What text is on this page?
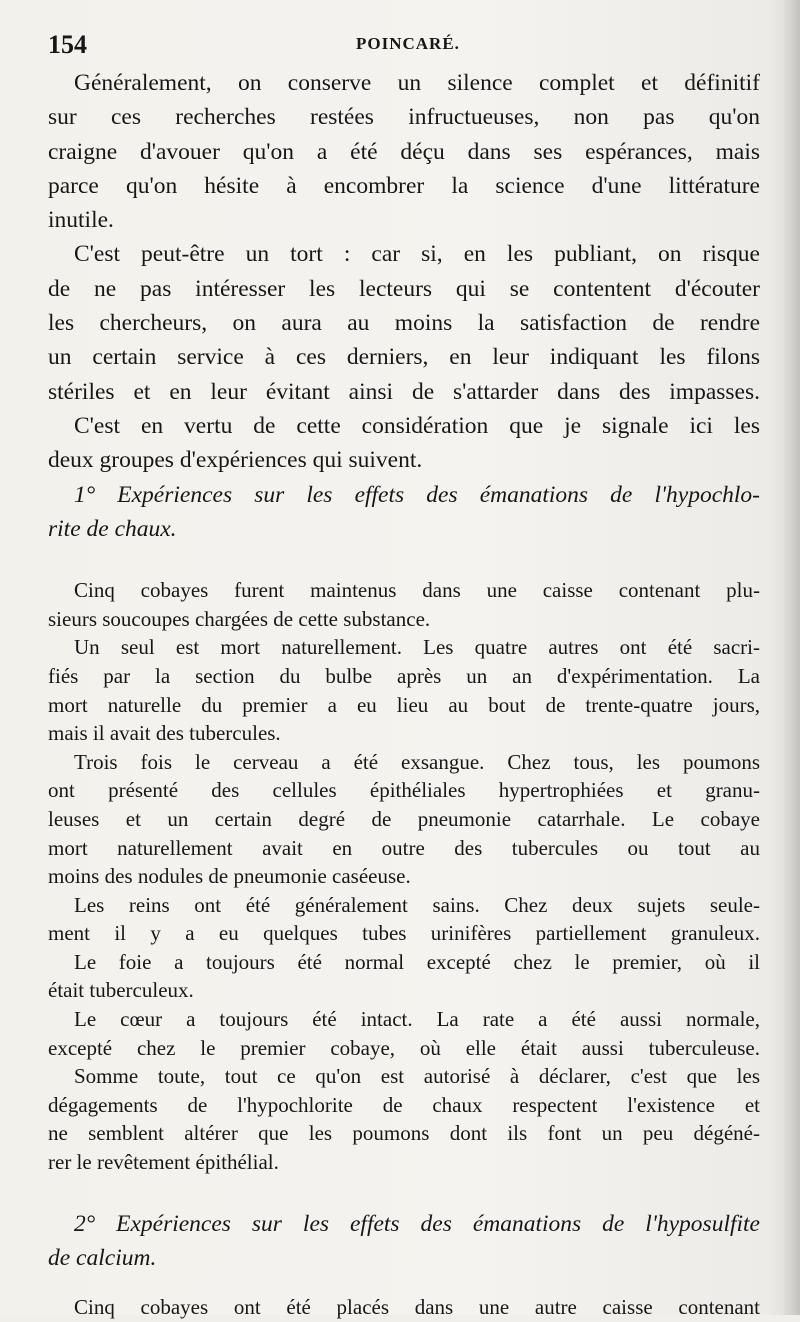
154	POINCARÉ.
Généralement, on conserve un silence complet et définitif
sur ces recherches restées infructueuses, non pas qu'on
craigne d'avouer qu'on a été déçu dans ses espérances, mais
parce qu'on hésite à encombrer la science d'une littérature
inutile.
C'est peut-être un tort : car si, en les publiant, on risque
de ne pas intéresser les lecteurs qui se contentent d'écouter
les chercheurs, on aura au moins la satisfaction de rendre
un certain service à ces derniers, en leur indiquant les filons
stériles et en leur évitant ainsi de s'attarder dans des impasses.
C'est en vertu de cette considération que je signale ici les
deux groupes d'expériences qui suivent.
1° Expériences sur les effets des émanations de l'hypochlo-
rite de chaux.
Cinq cobayes furent maintenus dans une caisse contenant plu-
sieurs soucoupes chargées de cette substance.
Un seul est mort naturellement. Les quatre autres ont été sacri-
fiés par la section du bulbe après un an d'expérimentation. La
mort naturelle du premier a eu lieu au bout de trente-quatre jours,
mais il avait des tubercules.
Trois fois le cerveau a été exsangue. Chez tous, les poumons
ont présenté des cellules épithéliales hypertrophiées et granu-
leuses et un certain degré de pneumonie catarrhale. Le cobaye
mort naturellement avait en outre des tubercules ou tout au
moins des nodules de pneumonie caséeuse.
Les reins ont été généralement sains. Chez deux sujets seule-
ment il y a eu quelques tubes urinifères partiellement granuleux.
Le foie a toujours été normal excepté chez le premier, où il
était tuberculeux.
Le cœur a toujours été intact. La rate a été aussi normale,
excepté chez le premier cobaye, où elle était aussi tuberculeuse.
Somme toute, tout ce qu'on est autorisé à déclarer, c'est que les
dégagements de l'hypochlorite de chaux respectent l'existence et
ne semblent altérer que les poumons dont ils font un peu dégéné-
rer le revêtement épithélial.
2° Expériences sur les effets des émanations de l'hyposulfite
de calcium.
Cinq cobayes ont été placés dans une autre caisse contenant
